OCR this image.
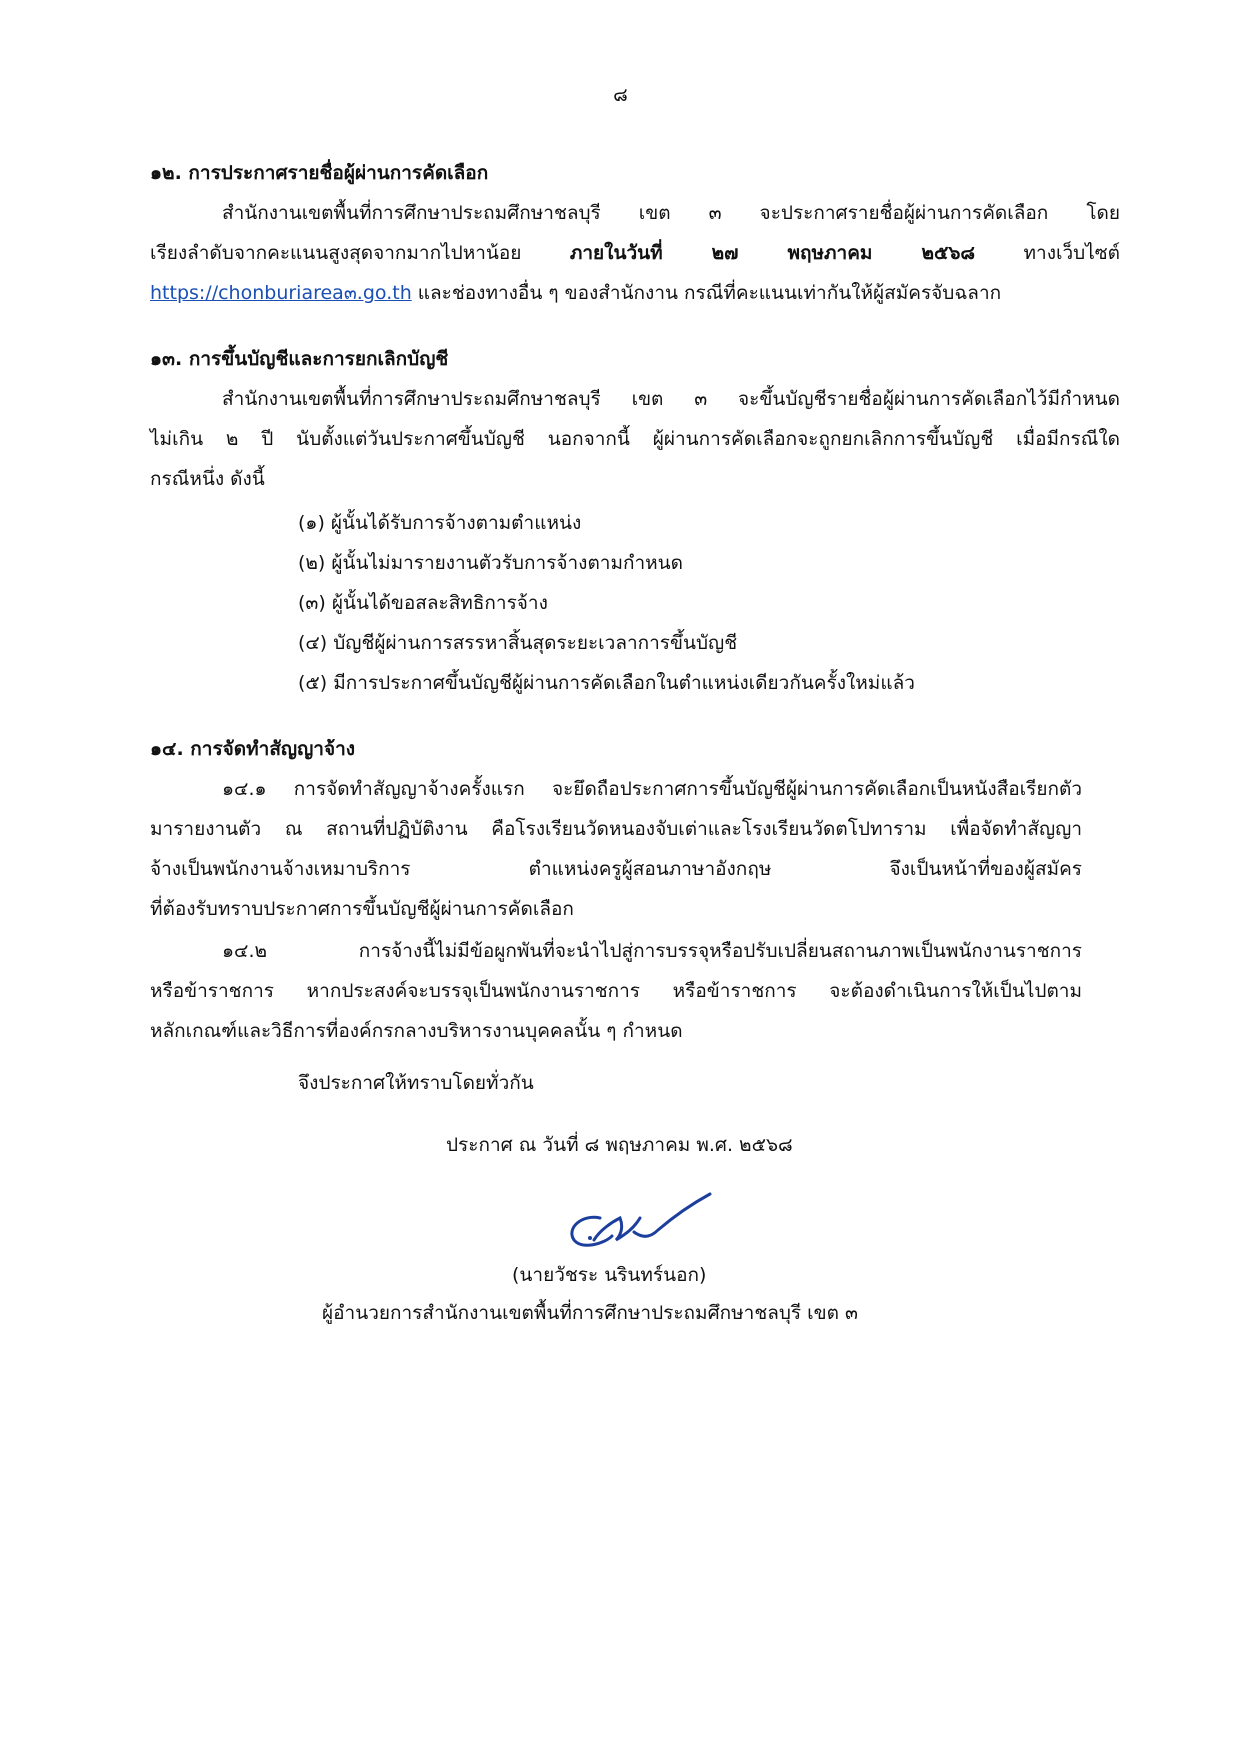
๘
๑๒. การประกาศรายชื่อผู้ผ่านการคัดเลือก
สำนักงานเขตพื้นที่การศึกษาประถมศึกษาชลบุรี เขต ๓ จะประกาศรายชื่อผู้ผ่านการคัดเลือก โดย
เรียงลำดับจากคะแนนสูงสุดจากมากไปหาน้อย	ภายในวันที่ ๒๗ พฤษภาคม ๒๕๖๘	ทางเว็บไซต์
https://chonburiarea๓.go.th และช่องทางอื่น ๆ ของสำนักงาน กรณีที่คะแนนเท่ากันให้ผู้สมัครจับฉลาก
๑๓. การขึ้นบัญชีและการยกเลิกบัญชี
สำนักงานเขตพื้นที่การศึกษาประถมศึกษาชลบุรี เขต ๓ จะขึ้นบัญชีรายชื่อผู้ผ่านการคัดเลือกไว้มีกำหนด
ไม่เกิน ๒ ปี นับตั้งแต่วันประกาศขึ้นบัญชี นอกจากนี้ ผู้ผ่านการคัดเลือกจะถูกยกเลิกการขึ้นบัญชี เมื่อมีกรณีใด
กรณีหนึ่ง ดังนี้
(๑) ผู้นั้นได้รับการจ้างตามตำแหน่ง
(๒) ผู้นั้นไม่มารายงานตัวรับการจ้างตามกำหนด
(๓) ผู้นั้นได้ขอสละสิทธิการจ้าง
(๔) บัญชีผู้ผ่านการสรรหาสิ้นสุดระยะเวลาการขึ้นบัญชี
(๕) มีการประกาศขึ้นบัญชีผู้ผ่านการคัดเลือกในตำแหน่งเดียวกันครั้งใหม่แล้ว
๑๔. การจัดทำสัญญาจ้าง
๑๔.๑ การจัดทำสัญญาจ้างครั้งแรก จะยึดถือประกาศการขึ้นบัญชีผู้ผ่านการคัดเลือกเป็นหนังสือเรียกตัว
มารายงานตัว ณ สถานที่ปฏิบัติงาน คือโรงเรียนวัดหนองจับเต่าและโรงเรียนวัดตโปทาราม เพื่อจัดทำสัญญา
จ้างเป็นพนักงานจ้างเหมาบริการ ตำแหน่งครูผู้สอนภาษาอังกฤษ จึงเป็นหน้าที่ของผู้สมัคร
ที่ต้องรับทราบประกาศการขึ้นบัญชีผู้ผ่านการคัดเลือก
๑๔.๒ การจ้างนี้ไม่มีข้อผูกพันที่จะนำไปสู่การบรรจุหรือปรับเปลี่ยนสถานภาพเป็นพนักงานราชการ
หรือข้าราชการ หากประสงค์จะบรรจุเป็นพนักงานราชการ หรือข้าราชการ จะต้องดำเนินการให้เป็นไปตาม
หลักเกณฑ์และวิธีการที่องค์กรกลางบริหารงานบุคคลนั้น ๆ กำหนด
จึงประกาศให้ทราบโดยทั่วกัน
ประกาศ ณ วันที่ ๘ พฤษภาคม พ.ศ. ๒๕๖๘
(นายวัชระ นรินทร์นอก)
ผู้อำนวยการสำนักงานเขตพื้นที่การศึกษาประถมศึกษาชลบุรี เขต ๓
